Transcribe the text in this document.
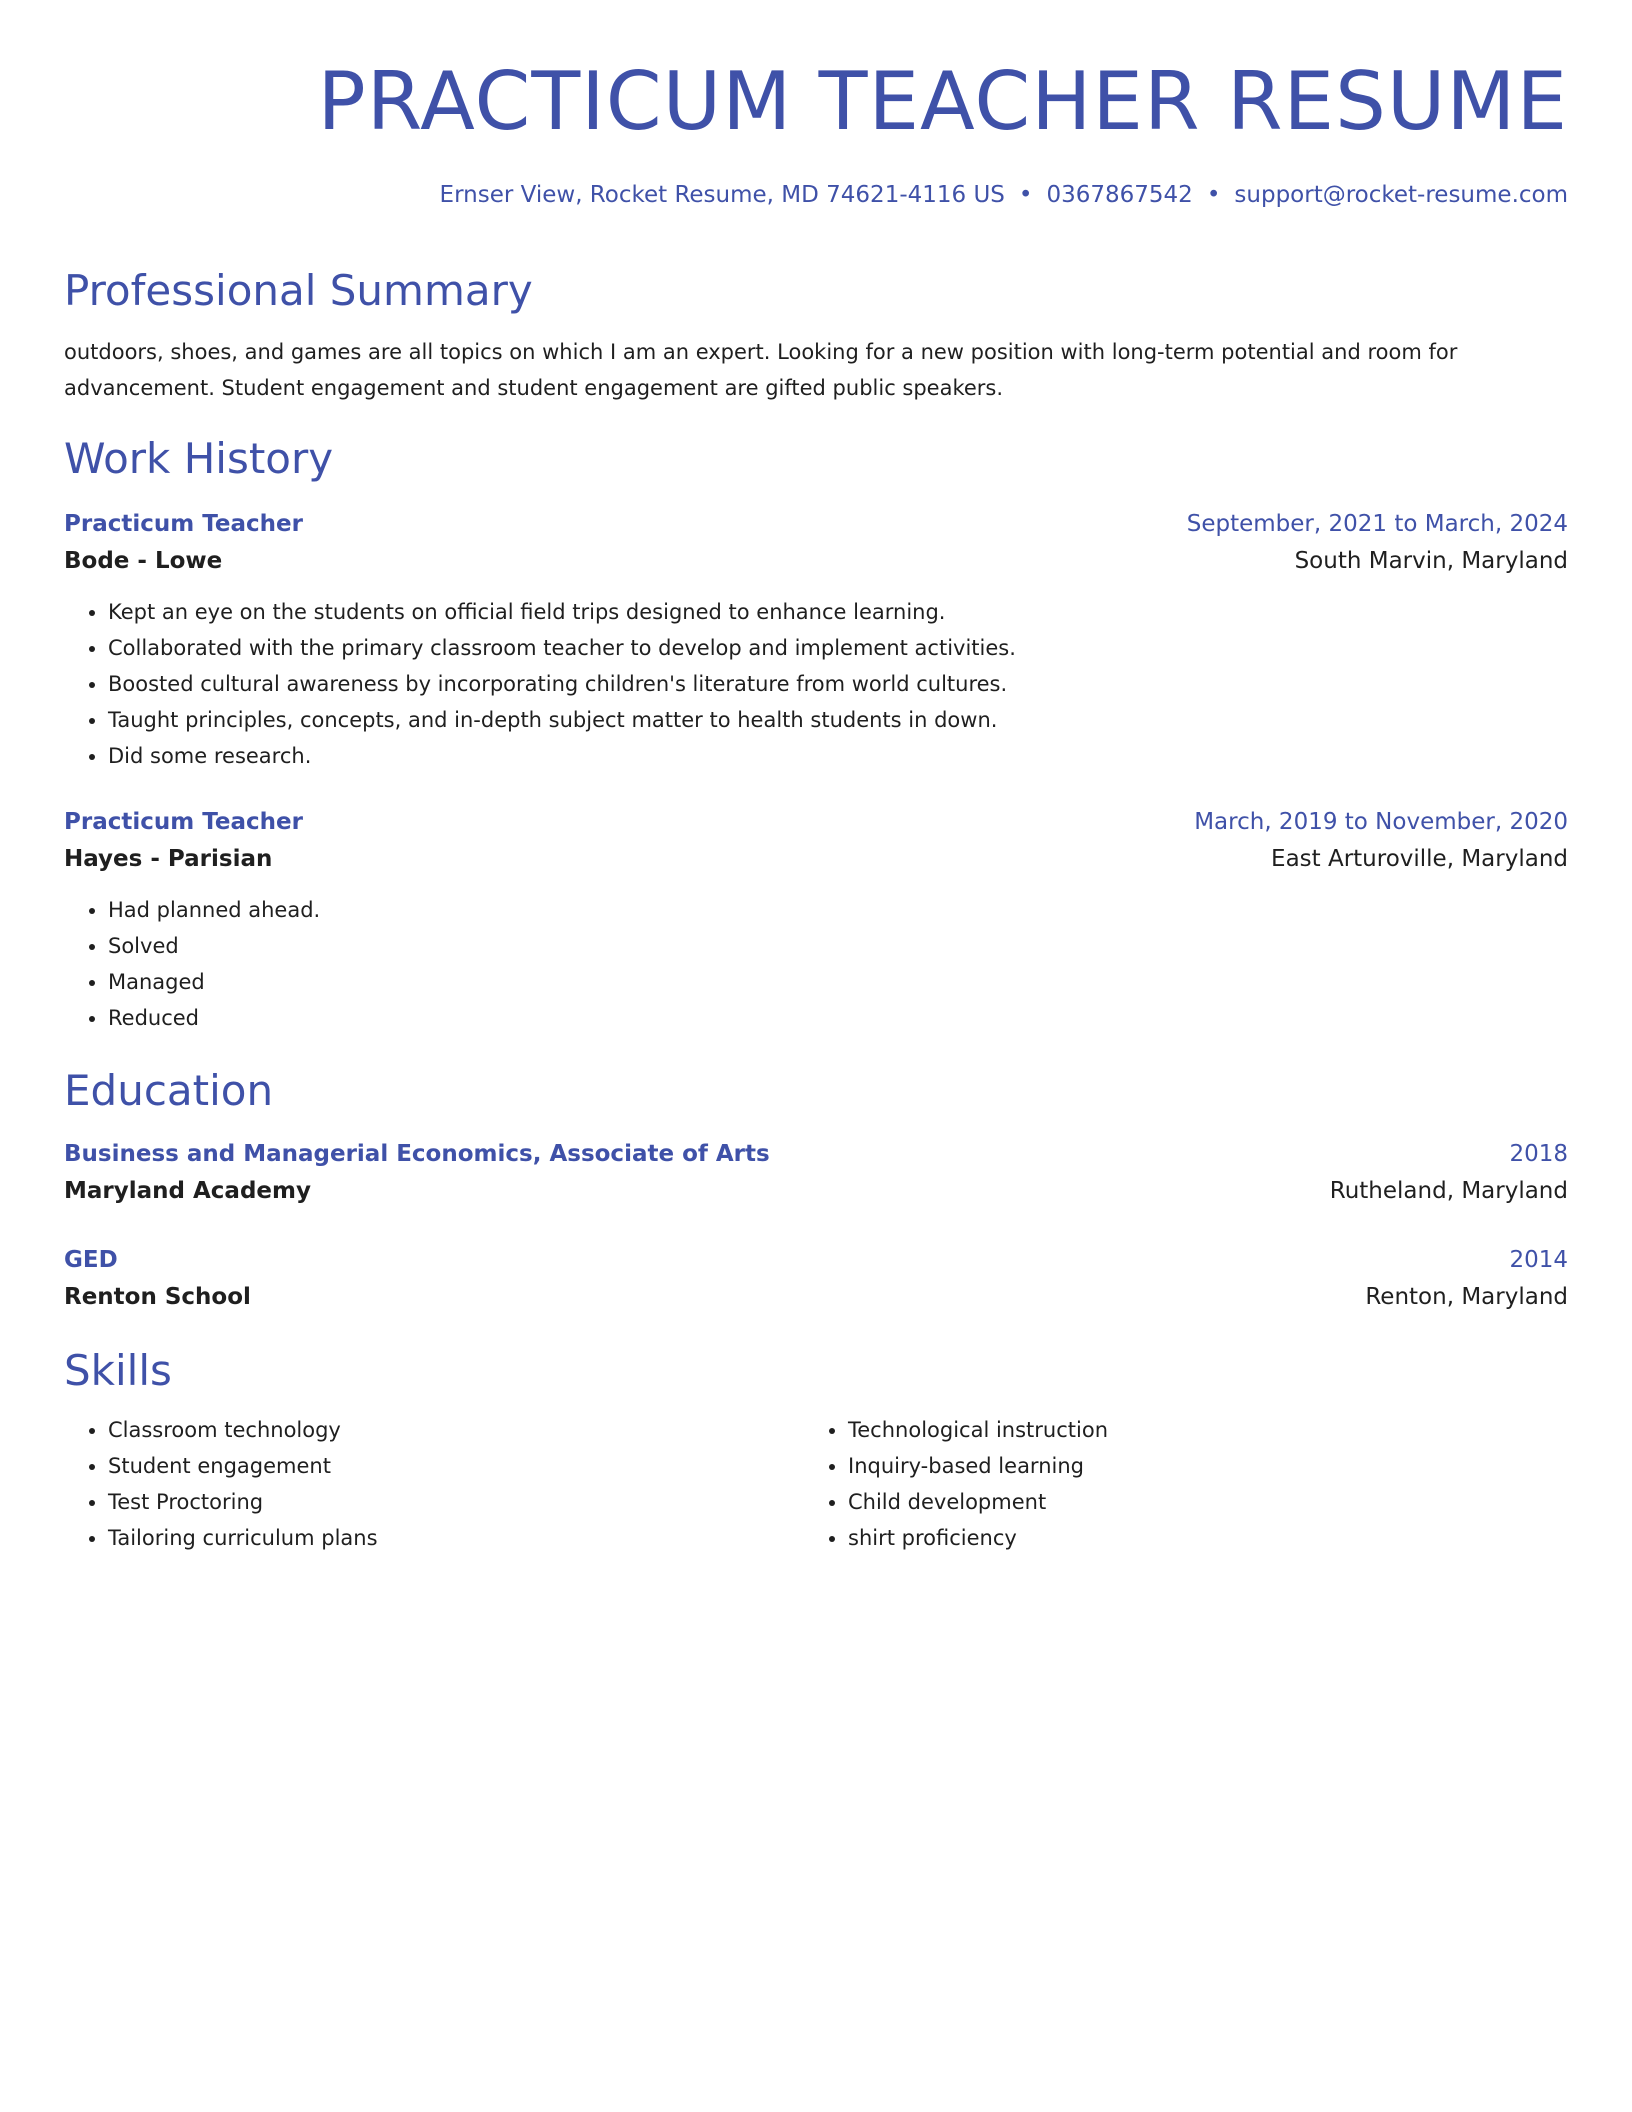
PRACTICUM TEACHER RESUME
Ernser View, Rocket Resume, MD 74621-4116 US • 0367867542 • support@rocket-resume.com
Professional Summary
outdoors, shoes, and games are all topics on which I am an expert. Looking for a new position with long-term potential and room for advancement. Student engagement and student engagement are gifted public speakers.
Work History
Practicum Teacher	September, 2021 to March, 2024
Bode - Lowe	South Marvin, Maryland
• Kept an eye on the students on official field trips designed to enhance learning.
• Collaborated with the primary classroom teacher to develop and implement activities.
• Boosted cultural awareness by incorporating children's literature from world cultures.
• Taught principles, concepts, and in-depth subject matter to health students in down.
• Did some research.
Practicum Teacher	March, 2019 to November, 2020
Hayes - Parisian	East Arturoville, Maryland
• Had planned ahead.
• Solved
• Managed
• Reduced
Education
Business and Managerial Economics, Associate of Arts	2018
Maryland Academy	Rutheland, Maryland
GED	2014
Renton School	Renton, Maryland
Skills
• Classroom technology
• Student engagement
• Test Proctoring
• Tailoring curriculum plans
• Technological instruction
• Inquiry-based learning
• Child development
• shirt proficiency
